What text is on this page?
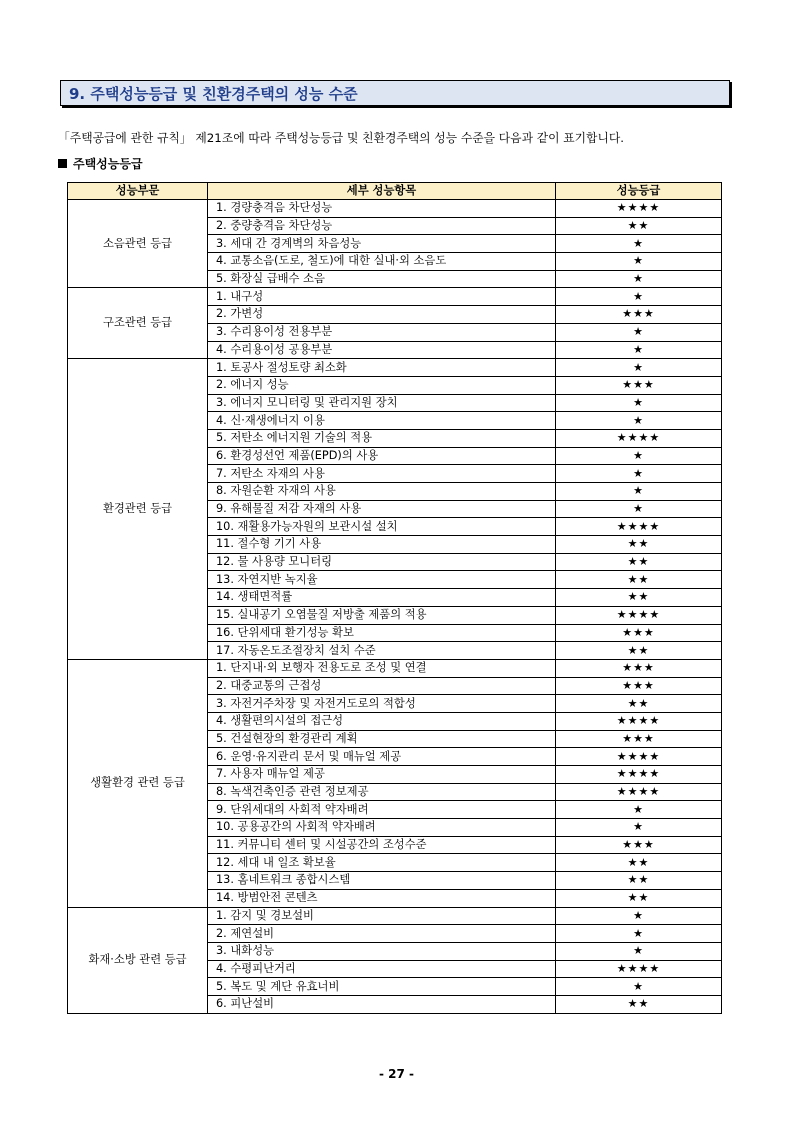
9. 주택성능등급 및 친환경주택의 성능 수준
「주택공급에 관한 규칙」 제21조에 따라 주택성능등급 및 친환경주택의 성능 수준을 다음과 같이 표기합니다.
주택성능등급
성능부문	세부 성능항목	성능등급
소음관련 등급	1. 경량충격음 차단성능	★★★★
	2. 중량충격음 차단성능	★★
	3. 세대 간 경계벽의 차음성능	★
	4. 교통소음(도로, 철도)에 대한 실내·외 소음도	★
	5. 화장실 급배수 소음	★
구조관련 등급	1. 내구성	★
	2. 가변성	★★★
	3. 수리용이성 전용부분	★
	4. 수리용이성 공용부분	★
환경관련 등급	1. 토공사 절성토량 최소화	★
	2. 에너지 성능	★★★
	3. 에너지 모니터링 및 관리지원 장치	★
	4. 신·재생에너지 이용	★
	5. 저탄소 에너지원 기술의 적용	★★★★
	6. 환경성선언 제품(EPD)의 사용	★
	7. 저탄소 자재의 사용	★
	8. 자원순환 자재의 사용	★
	9. 유해물질 저감 자재의 사용	★
	10. 재활용가능자원의 보관시설 설치	★★★★
	11. 절수형 기기 사용	★★
	12. 물 사용량 모니터링	★★
	13. 자연지반 녹지율	★★
	14. 생태면적률	★★
	15. 실내공기 오염물질 저방출 제품의 적용	★★★★
	16. 단위세대 환기성능 확보	★★★
	17. 자동온도조절장치 설치 수준	★★
생활환경 관련 등급	1. 단지내·외 보행자 전용도로 조성 및 연결	★★★
	2. 대중교통의 근접성	★★★
	3. 자전거주차장 및 자전거도로의 적합성	★★
	4. 생활편의시설의 접근성	★★★★
	5. 건설현장의 환경관리 계획	★★★
	6. 운영·유지관리 문서 및 매뉴얼 제공	★★★★
	7. 사용자 매뉴얼 제공	★★★★
	8. 녹색건축인증 관련 정보제공	★★★★
	9. 단위세대의 사회적 약자배려	★
	10. 공용공간의 사회적 약자배려	★
	11. 커뮤니티 센터 및 시설공간의 조성수준	★★★
	12. 세대 내 일조 확보율	★★
	13. 홈네트워크 종합시스템	★★
	14. 방범안전 콘텐츠	★★
화재·소방 관련 등급	1. 감지 및 경보설비	★
	2. 제연설비	★
	3. 내화성능	★
	4. 수평피난거리	★★★★
	5. 복도 및 계단 유효너비	★
	6. 피난설비	★★
- 27 -
